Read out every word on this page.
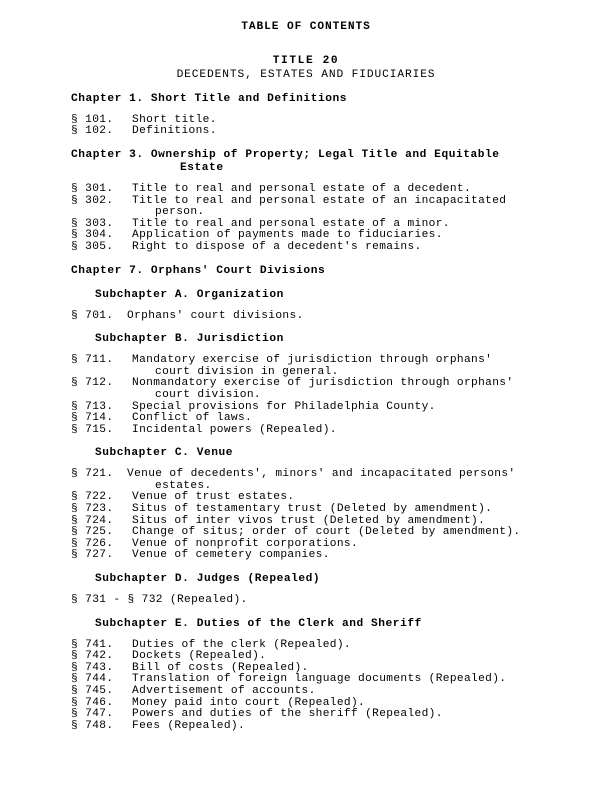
TABLE OF CONTENTS
TITLE 20
DECEDENTS, ESTATES AND FIDUCIARIES
Chapter 1. Short Title and Definitions
§ 101. Short title.
§ 102. Definitions.
Chapter 3. Ownership of Property; Legal Title and Equitable
Estate
§ 301. Title to real and personal estate of a decedent.
§ 302. Title to real and personal estate of an incapacitated
person.
§ 303. Title to real and personal estate of a minor.
§ 304. Application of payments made to fiduciaries.
§ 305. Right to dispose of a decedent's remains.
Chapter 7. Orphans' Court Divisions
Subchapter A. Organization
§ 701. Orphans' court divisions.
Subchapter B. Jurisdiction
§ 711. Mandatory exercise of jurisdiction through orphans'
court division in general.
§ 712. Nonmandatory exercise of jurisdiction through orphans'
court division.
§ 713. Special provisions for Philadelphia County.
§ 714. Conflict of laws.
§ 715. Incidental powers (Repealed).
Subchapter C. Venue
§ 721. Venue of decedents', minors' and incapacitated persons'
estates.
§ 722. Venue of trust estates.
§ 723. Situs of testamentary trust (Deleted by amendment).
§ 724. Situs of inter vivos trust (Deleted by amendment).
§ 725. Change of situs; order of court (Deleted by amendment).
§ 726. Venue of nonprofit corporations.
§ 727. Venue of cemetery companies.
Subchapter D. Judges (Repealed)
§ 731 - § 732 (Repealed).
Subchapter E. Duties of the Clerk and Sheriff
§ 741. Duties of the clerk (Repealed).
§ 742. Dockets (Repealed).
§ 743. Bill of costs (Repealed).
§ 744. Translation of foreign language documents (Repealed).
§ 745. Advertisement of accounts.
§ 746. Money paid into court (Repealed).
§ 747. Powers and duties of the sheriff (Repealed).
§ 748. Fees (Repealed).
